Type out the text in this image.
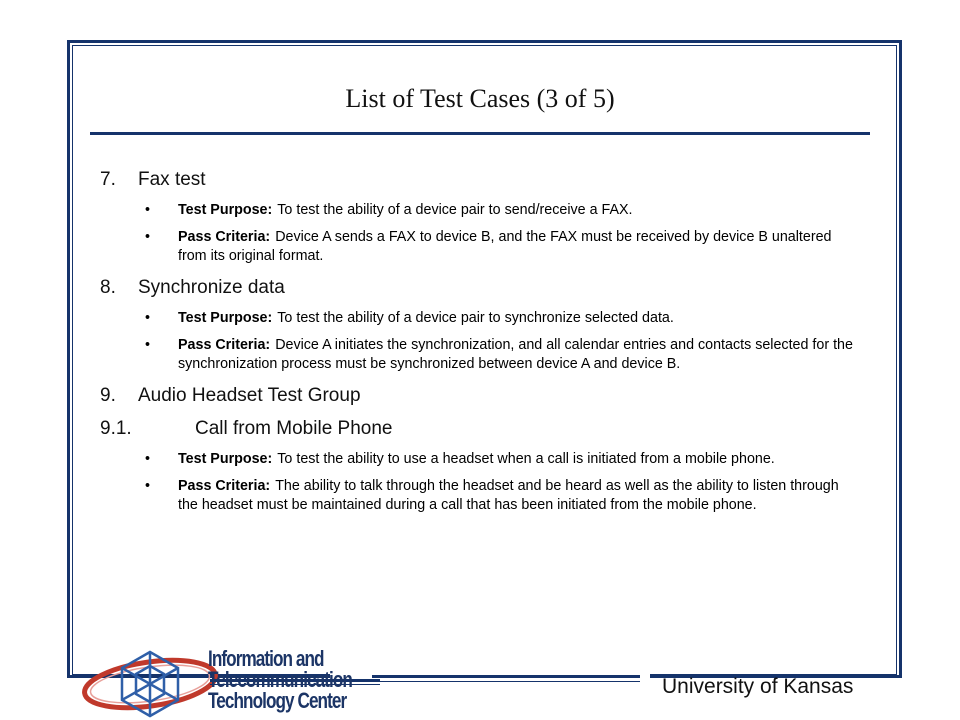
List of Test Cases (3 of 5)
7. Fax test
• Test Purpose: To test the ability of a device pair to send/receive a FAX.
• Pass Criteria: Device A sends a FAX to device B, and the FAX must be received by device B unaltered from its original format.
8. Synchronize data
• Test Purpose: To test the ability of a device pair to synchronize selected data.
• Pass Criteria: Device A initiates the synchronization, and all calendar entries and contacts selected for the synchronization process must be synchronized between device A and device B.
9. Audio Headset Test Group
9.1.	Call from Mobile Phone
• Test Purpose: To test the ability to use a headset when a call is initiated from a mobile phone.
• Pass Criteria: The ability to talk through the headset and be heard as well as the ability to listen through the headset must be maintained during a call that has been initiated from the mobile phone.
Information and
Telecommunication
Technology Center
University of Kansas
